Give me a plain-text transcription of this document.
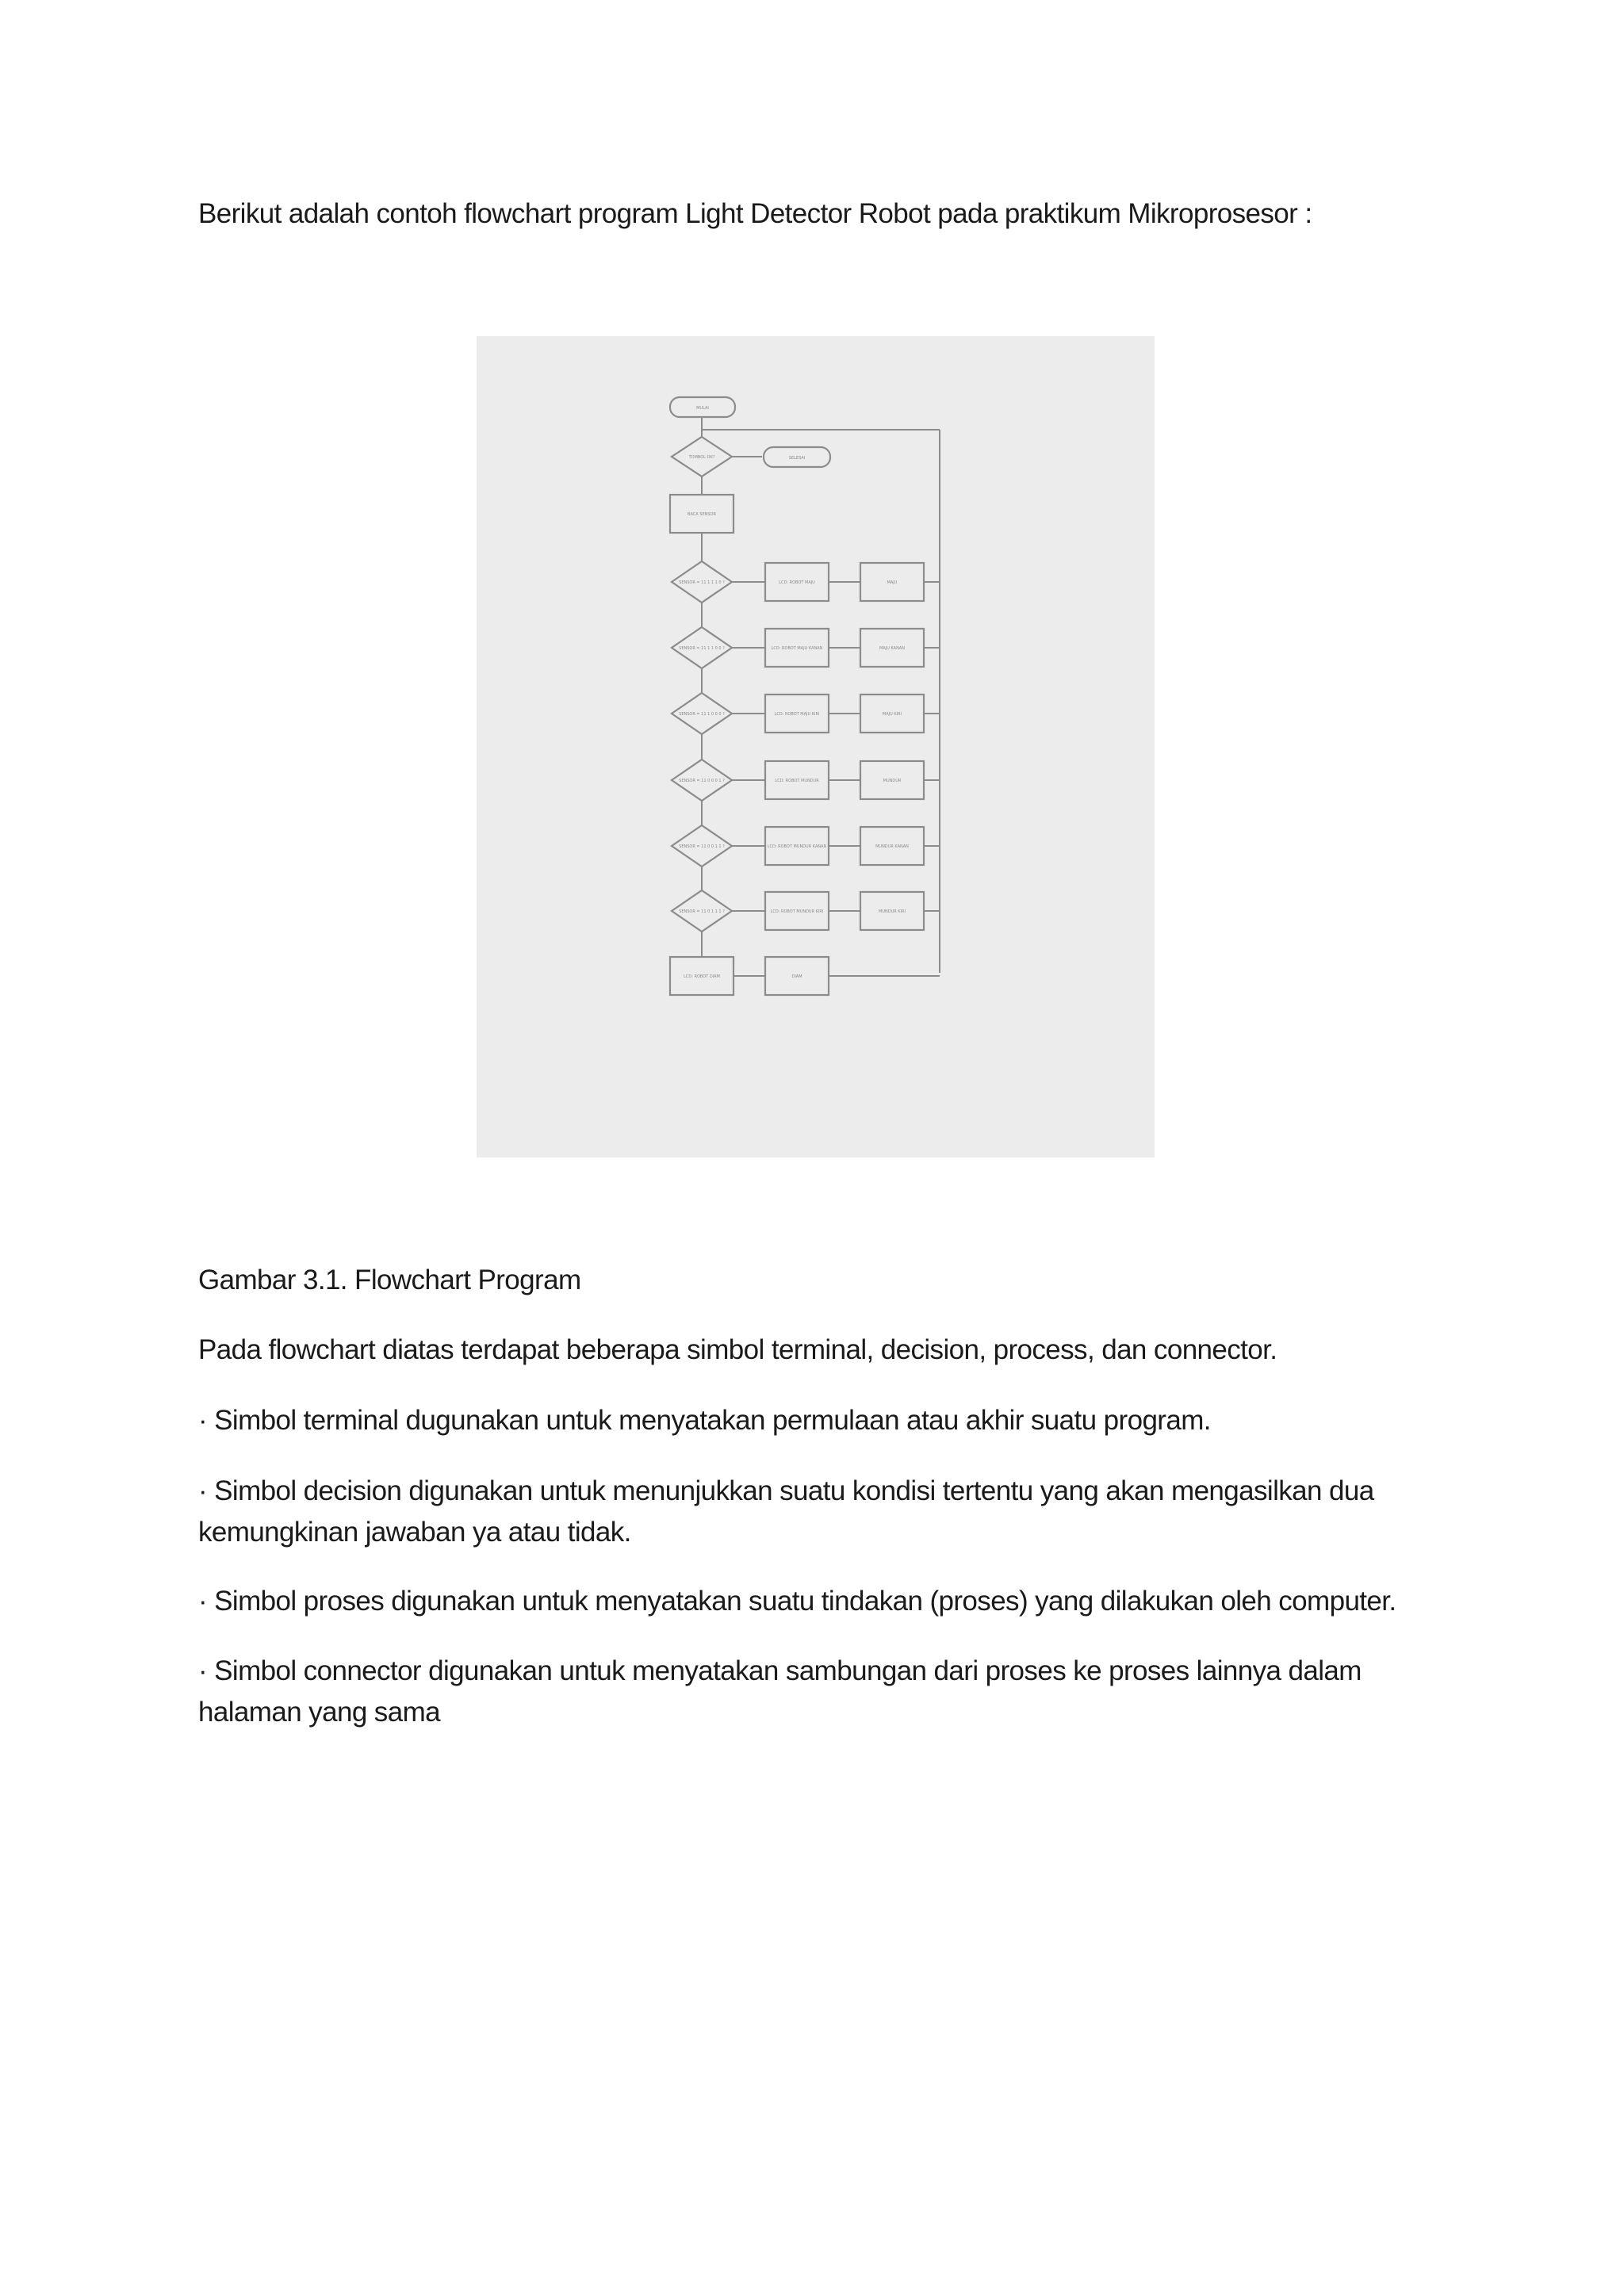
Berikut adalah contoh flowchart program Light Detector Robot pada praktikum Mikroprosesor :
MULAI
TOMBOL OK?	SELESAI
BACA SENSOR
SENSOR = 11 1 1 1 0 ?	LCD: ROBOT MAJU	MAJU
SENSOR = 11 1 1 0 0 ?	LCD: ROBOT MAJU KANAN	MAJU KANAN
SENSOR = 11 1 0 0 0 ?	LCD: ROBOT MAJU KIRI	MAJU KIRI
SENSOR = 11 0 0 0 1 ?	LCD: ROBOT MUNDUR	MUNDUR
SENSOR = 11 0 0 1 1 ?	LCD: ROBOT MUNDUR KANAN	MUNDUR KANAN
SENSOR = 11 0 1 1 1 ?	LCD: ROBOT MUNDUR KIRI	MUNDUR KIRI
LCD: ROBOT DIAM	DIAM
Gambar 3.1. Flowchart Program
Pada flowchart diatas terdapat beberapa simbol terminal, decision, process, dan connector.
· Simbol terminal dugunakan untuk menyatakan permulaan atau akhir suatu program.
· Simbol decision digunakan untuk menunjukkan suatu kondisi tertentu yang akan mengasilkan dua kemungkinan jawaban ya atau tidak.
· Simbol proses digunakan untuk menyatakan suatu tindakan (proses) yang dilakukan oleh computer.
· Simbol connector digunakan untuk menyatakan sambungan dari proses ke proses lainnya dalam halaman yang sama
